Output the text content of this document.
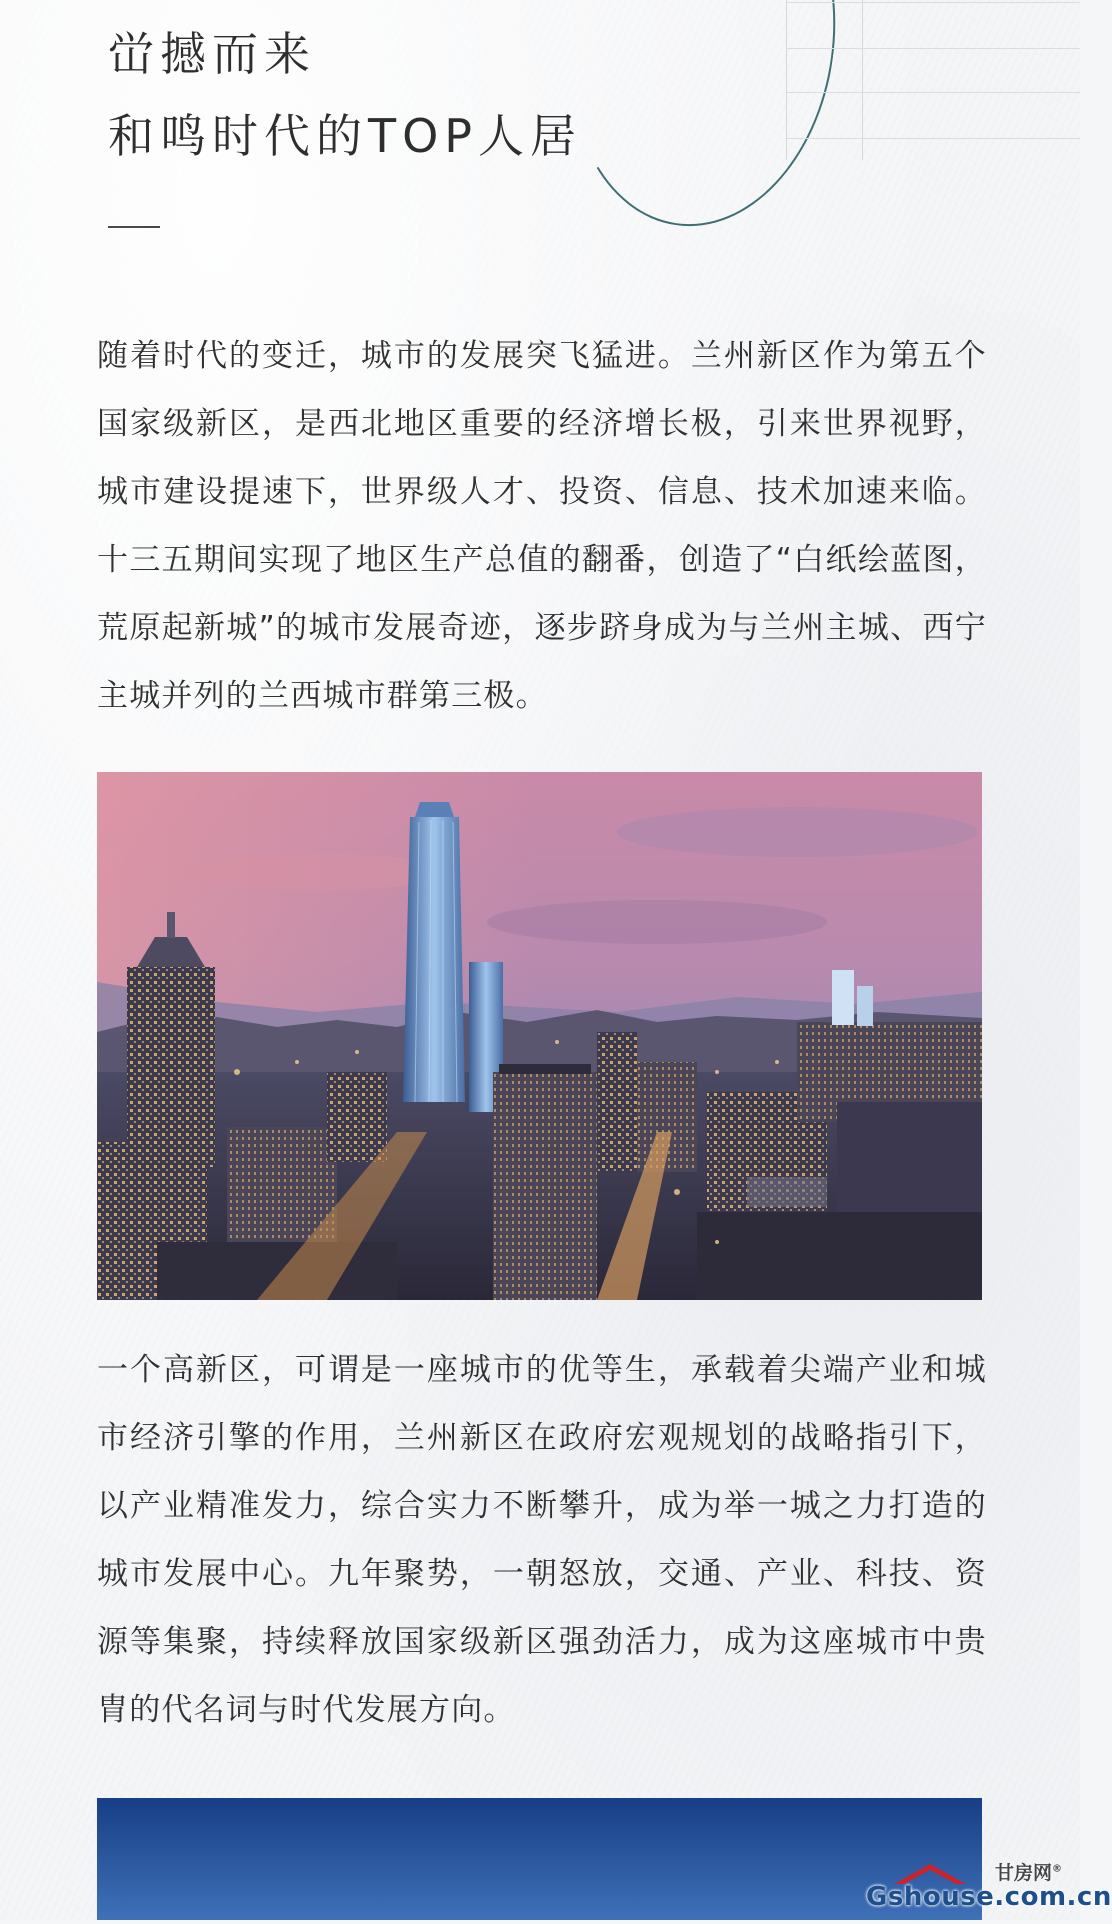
峃撼而来
和鸣时代的TOP人居

随着时代的变迁，城市的发展突飞猛进。兰州新区作为第五个国家级新区，是西北地区重要的经济增长极，引来世界视野，城市建设提速下，世界级人才、投资、信息、技术加速来临。十三五期间实现了地区生产总值的翻番，创造了“白纸绘蓝图，荒原起新城”的城市发展奇迹，逐步跻身成为与兰州主城、西宁主城并列的兰西城市群第三极。

一个高新区，可谓是一座城市的优等生，承载着尖端产业和城市经济引擎的作用，兰州新区在政府宏观规划的战略指引下，以产业精准发力，综合实力不断攀升，成为举一城之力打造的城市发展中心。九年聚势，一朝怒放，交通、产业、科技、资源等集聚，持续释放国家级新区强劲活力，成为这座城市中贵胄的代名词与时代发展方向。

Gshouse.com.cn
甘房网®
